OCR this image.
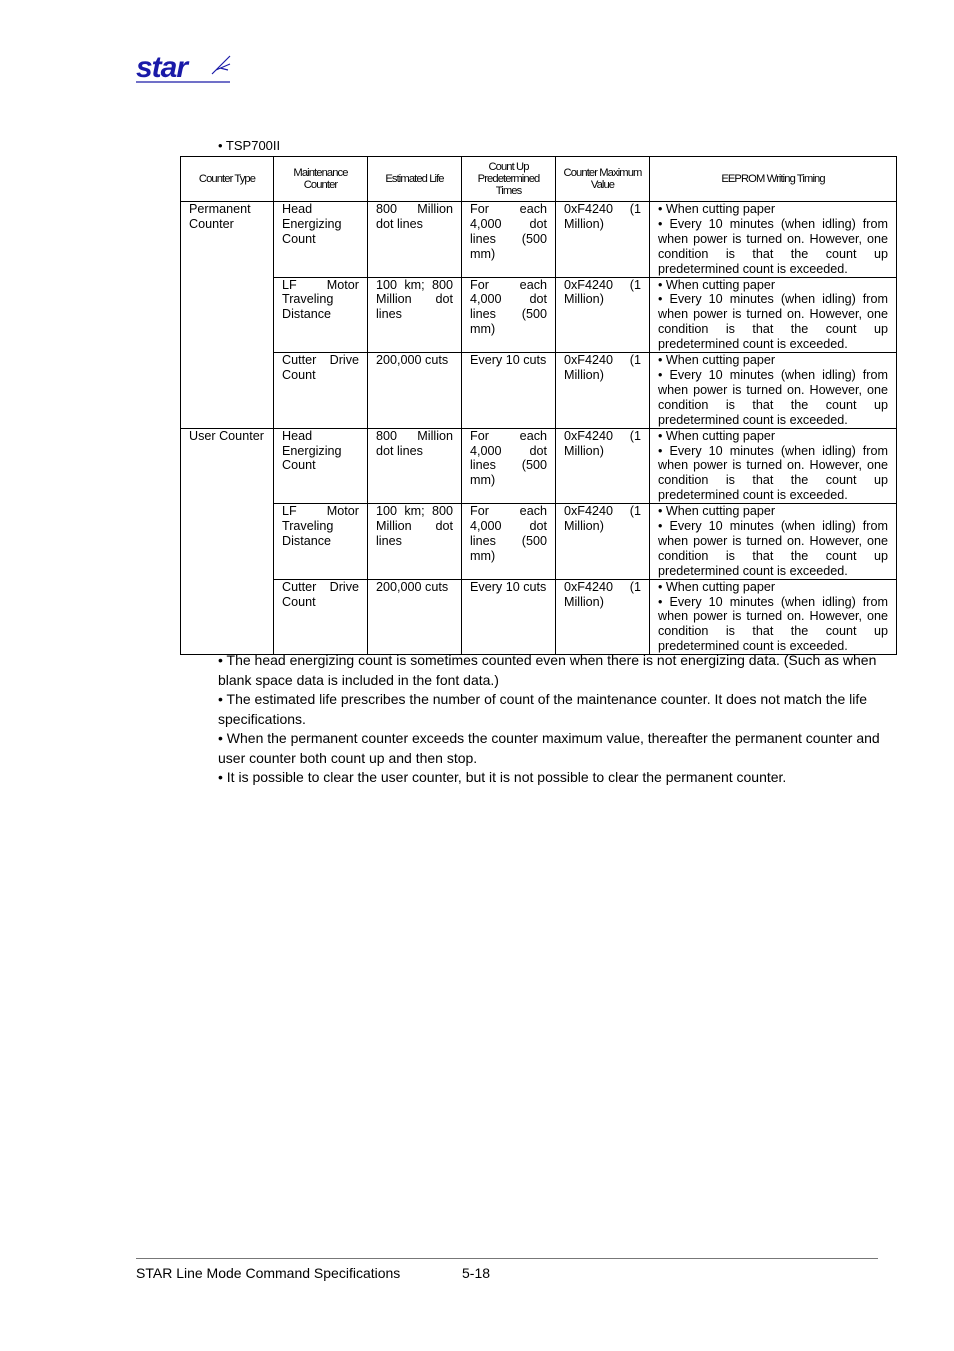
star
• TSP700II
Counter Type	Maintenance Counter	Estimated Life	Count Up Predetermined Times	Counter Maximum Value	EEPROM Writing Timing
Permanent Counter	Head Energizing Count	800 Million dot lines	For each 4,000 dot lines (500 mm)	0xF4240 (1 Million)	• When cutting paper
• Every 10 minutes (when idling) from
when power is turned on. However, one
condition is that the count up
predetermined count is exceeded.

	LF Motor Traveling Distance	100 km; 800 Million dot lines	For each 4,000 dot lines (500 mm)	0xF4240 (1 Million)	• When cutting paper
• Every 10 minutes (when idling) from
when power is turned on. However, one
condition is that the count up
predetermined count is exceeded.

	Cutter Drive Count	200,000 cuts	Every 10 cuts	0xF4240 (1 Million)	• When cutting paper
• Every 10 minutes (when idling) from
when power is turned on. However, one
condition is that the count up
predetermined count is exceeded.

User Counter	Head Energizing Count	800 Million dot lines	For each 4,000 dot lines (500 mm)	0xF4240 (1 Million)	• When cutting paper
• Every 10 minutes (when idling) from
when power is turned on. However, one
condition is that the count up
predetermined count is exceeded.

	LF Motor Traveling Distance	100 km; 800 Million dot lines	For each 4,000 dot lines (500 mm)	0xF4240 (1 Million)	• When cutting paper
• Every 10 minutes (when idling) from
when power is turned on. However, one
condition is that the count up
predetermined count is exceeded.

	Cutter Drive Count	200,000 cuts	Every 10 cuts	0xF4240 (1 Million)	• When cutting paper
• Every 10 minutes (when idling) from
when power is turned on. However, one
condition is that the count up
predetermined count is exceeded.

• The head energizing count is sometimes counted even when there is not energizing data. (Such as when blank space data is included in the font data.)

• The estimated life prescribes the number of count of the maintenance counter. It does not match the life specifications.

• When the permanent counter exceeds the counter maximum value, thereafter the permanent counter and user counter both count up and then stop.

• It is possible to clear the user counter, but it is not possible to clear the permanent counter.

STAR Line Mode Command Specifications	5-18
